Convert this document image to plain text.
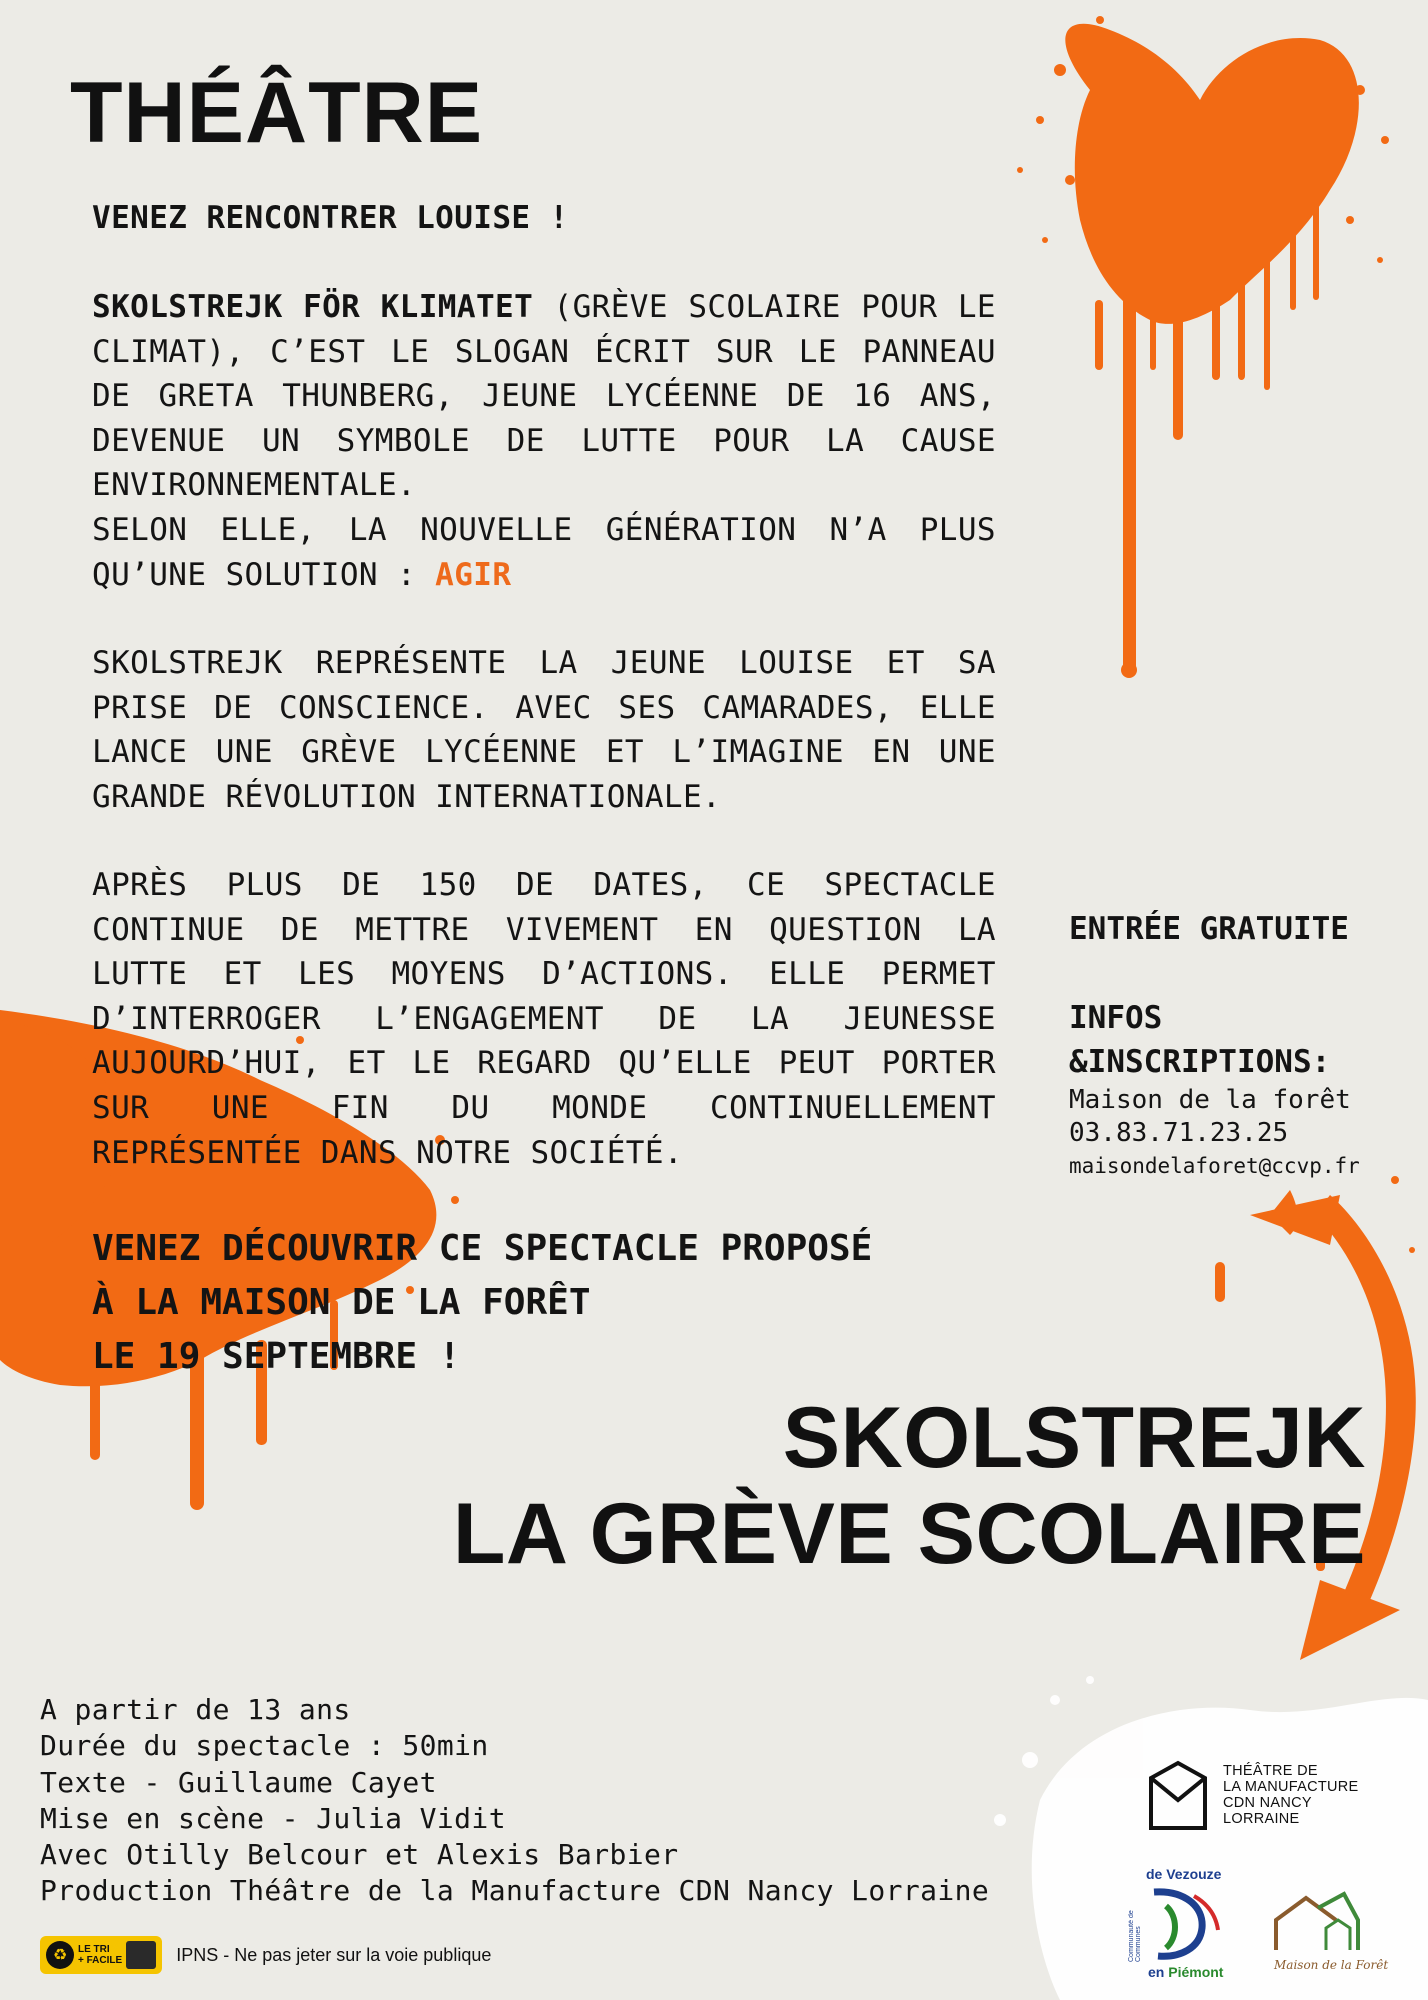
THÉÂTRE

VENEZ RENCONTRER LOUISE !

SKOLSTREJK FÖR KLIMATET (GRÈVE SCOLAIRE POUR LE CLIMAT), C’EST LE SLOGAN ÉCRIT SUR LE PANNEAU DE GRETA THUNBERG, JEUNE LYCÉENNE DE 16 ANS, DEVENUE UN SYMBOLE DE LUTTE POUR LA CAUSE ENVIRONNEMENTALE.

SELON ELLE, LA NOUVELLE GÉNÉRATION N’A PLUS QU’UNE SOLUTION : AGIR

SKOLSTREJK REPRÉSENTE LA JEUNE LOUISE ET SA PRISE DE CONSCIENCE. AVEC SES CAMARADES, ELLE LANCE UNE GRÈVE LYCÉENNE ET L’IMAGINE EN UNE GRANDE RÉVOLUTION INTERNATIONALE.

APRÈS PLUS DE 150 DE DATES, CE SPECTACLE CONTINUE DE METTRE VIVEMENT EN QUESTION LA LUTTE ET LES MOYENS D’ACTIONS. ELLE PERMET D’INTERROGER L’ENGAGEMENT DE LA JEUNESSE AUJOURD’HUI, ET LE REGARD QU’ELLE PEUT PORTER SUR UNE FIN DU MONDE CONTINUELLEMENT REPRÉSENTÉE DANS NOTRE SOCIÉTÉ.

VENEZ DÉCOUVRIR CE SPECTACLE PROPOSÉ
À LA MAISON DE LA FORÊT
LE 19 SEPTEMBRE !
ENTRÉE GRATUITE
INFOS
&INSCRIPTIONS:
Maison de la forêt
03.83.71.23.25
maisondelaforet@ccvp.fr
SKOLSTREJK
LA GRÈVE SCOLAIRE
A partir de 13 ans
Durée du spectacle : 50min
Texte - Guillaume Cayet
Mise en scène - Julia Vidit
Avec Otilly Belcour et Alexis Barbier
Production Théâtre de la Manufacture CDN Nancy Lorraine
♻	LE TRI
+ FACILE	IPNS - Ne pas jeter sur la voie publique
THÉÂTRE DE
LA MANUFACTURE
CDN NANCY
LORRAINE
de Vezouze
Communauté de Communes
en Piémont	Maison de la Forêt
